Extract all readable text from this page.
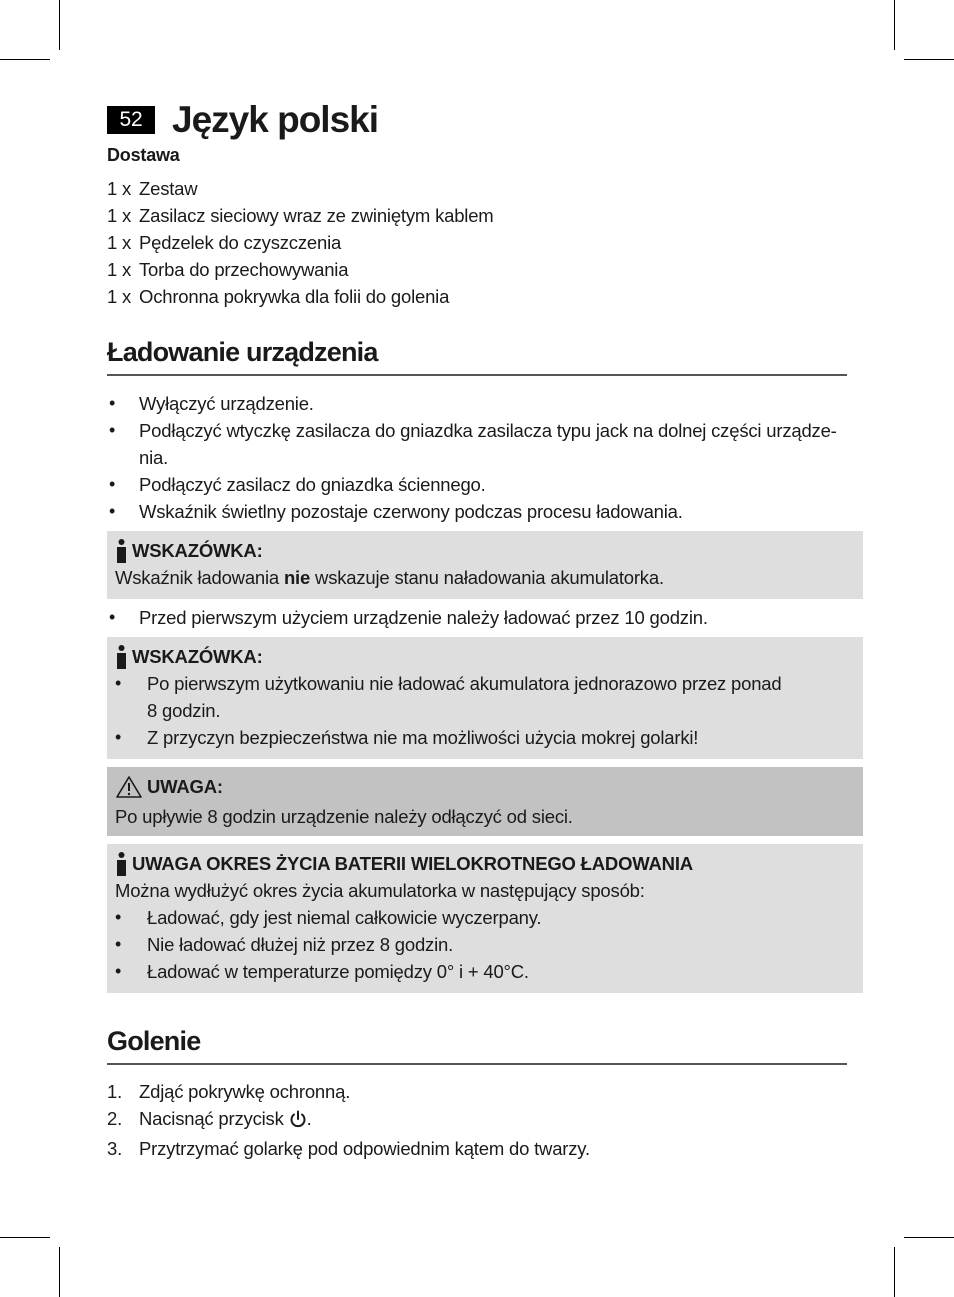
52 Język polski
Dostawa
1 x Zestaw
1 x Zasilacz sieciowy wraz ze zwiniętym kablem
1 x Pędzelek do czyszczenia
1 x Torba do przechowywania
1 x Ochronna pokrywka dla folii do golenia
Ładowanie urządzenia
• Wyłączyć urządzenie.
• Podłączyć wtyczkę zasilacza do gniazdka zasilacza typu jack na dolnej części urządze-
nia.
• Podłączyć zasilacz do gniazdka ściennego.
• Wskaźnik świetlny pozostaje czerwony podczas procesu ładowania.
WSKAZÓWKA:
Wskaźnik ładowania nie wskazuje stanu naładowania akumulatorka.
• Przed pierwszym użyciem urządzenie należy ładować przez 10 godzin.
WSKAZÓWKA:
• Po pierwszym użytkowaniu nie ładować akumulatora jednorazowo przez ponad
8 godzin.
• Z przyczyn bezpieczeństwa nie ma możliwości użycia mokrej golarki!
UWAGA:
Po upływie 8 godzin urządzenie należy odłączyć od sieci.
UWAGA OKRES ŻYCIA BATERII WIELOKROTNEGO ŁADOWANIA
Można wydłużyć okres życia akumulatorka w następujący sposób:
• Ładować, gdy jest niemal całkowicie wyczerpany.
• Nie ładować dłużej niż przez 8 godzin.
• Ładować w temperaturze pomiędzy 0° i + 40°C.
Golenie
1. Zdjąć pokrywkę ochronną.
2. Nacisnąć przycisk .
3. Przytrzymać golarkę pod odpowiednim kątem do twarzy.
